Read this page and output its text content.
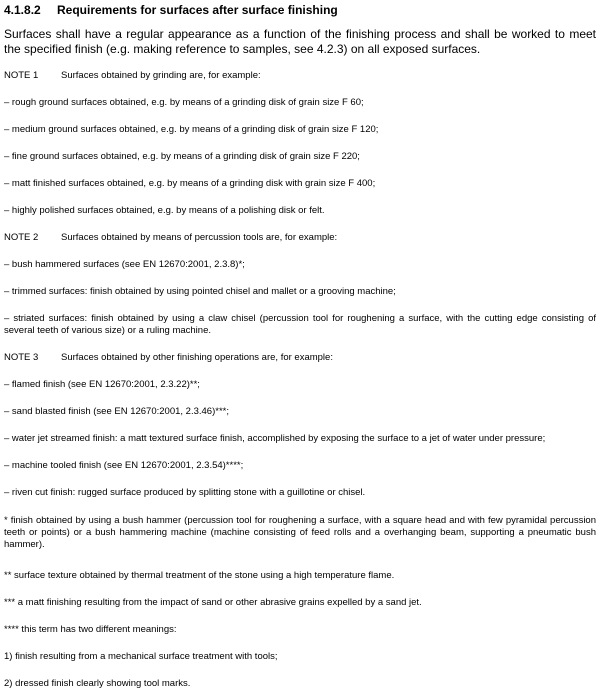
4.1.8.2 Requirements for surfaces after surface finishing
Surfaces shall have a regular appearance as a function of the finishing process and shall be worked to meet the specified finish (e.g. making reference to samples, see 4.2.3) on all exposed surfaces.
NOTE 1 Surfaces obtained by grinding are, for example:
– rough ground surfaces obtained, e.g. by means of a grinding disk of grain size F 60;
– medium ground surfaces obtained, e.g. by means of a grinding disk of grain size F 120;
– fine ground surfaces obtained, e.g. by means of a grinding disk of grain size F 220;
– matt finished surfaces obtained, e.g. by means of a grinding disk with grain size F 400;
– highly polished surfaces obtained, e.g. by means of a polishing disk or felt.
NOTE 2 Surfaces obtained by means of percussion tools are, for example:
– bush hammered surfaces (see EN 12670:2001, 2.3.8)*;
– trimmed surfaces: finish obtained by using pointed chisel and mallet or a grooving machine;
– striated surfaces: finish obtained by using a claw chisel (percussion tool for roughening a surface, with the cutting edge consisting of several teeth of various size) or a ruling machine.
NOTE 3 Surfaces obtained by other finishing operations are, for example:
– flamed finish (see EN 12670:2001, 2.3.22)**;
– sand blasted finish (see EN 12670:2001, 2.3.46)***;
– water jet streamed finish: a matt textured surface finish, accomplished by exposing the surface to a jet of water under pressure;
– machine tooled finish (see EN 12670:2001, 2.3.54)****;
– riven cut finish: rugged surface produced by splitting stone with a guillotine or chisel.
* finish obtained by using a bush hammer (percussion tool for roughening a surface, with a square head and with few pyramidal percussion teeth or points) or a bush hammering machine (machine consisting of feed rolls and a overhanging beam, supporting a pneumatic bush hammer).
** surface texture obtained by thermal treatment of the stone using a high temperature flame.
*** a matt finishing resulting from the impact of sand or other abrasive grains expelled by a sand jet.
**** this term has two different meanings:
1) finish resulting from a mechanical surface treatment with tools;
2) dressed finish clearly showing tool marks.
